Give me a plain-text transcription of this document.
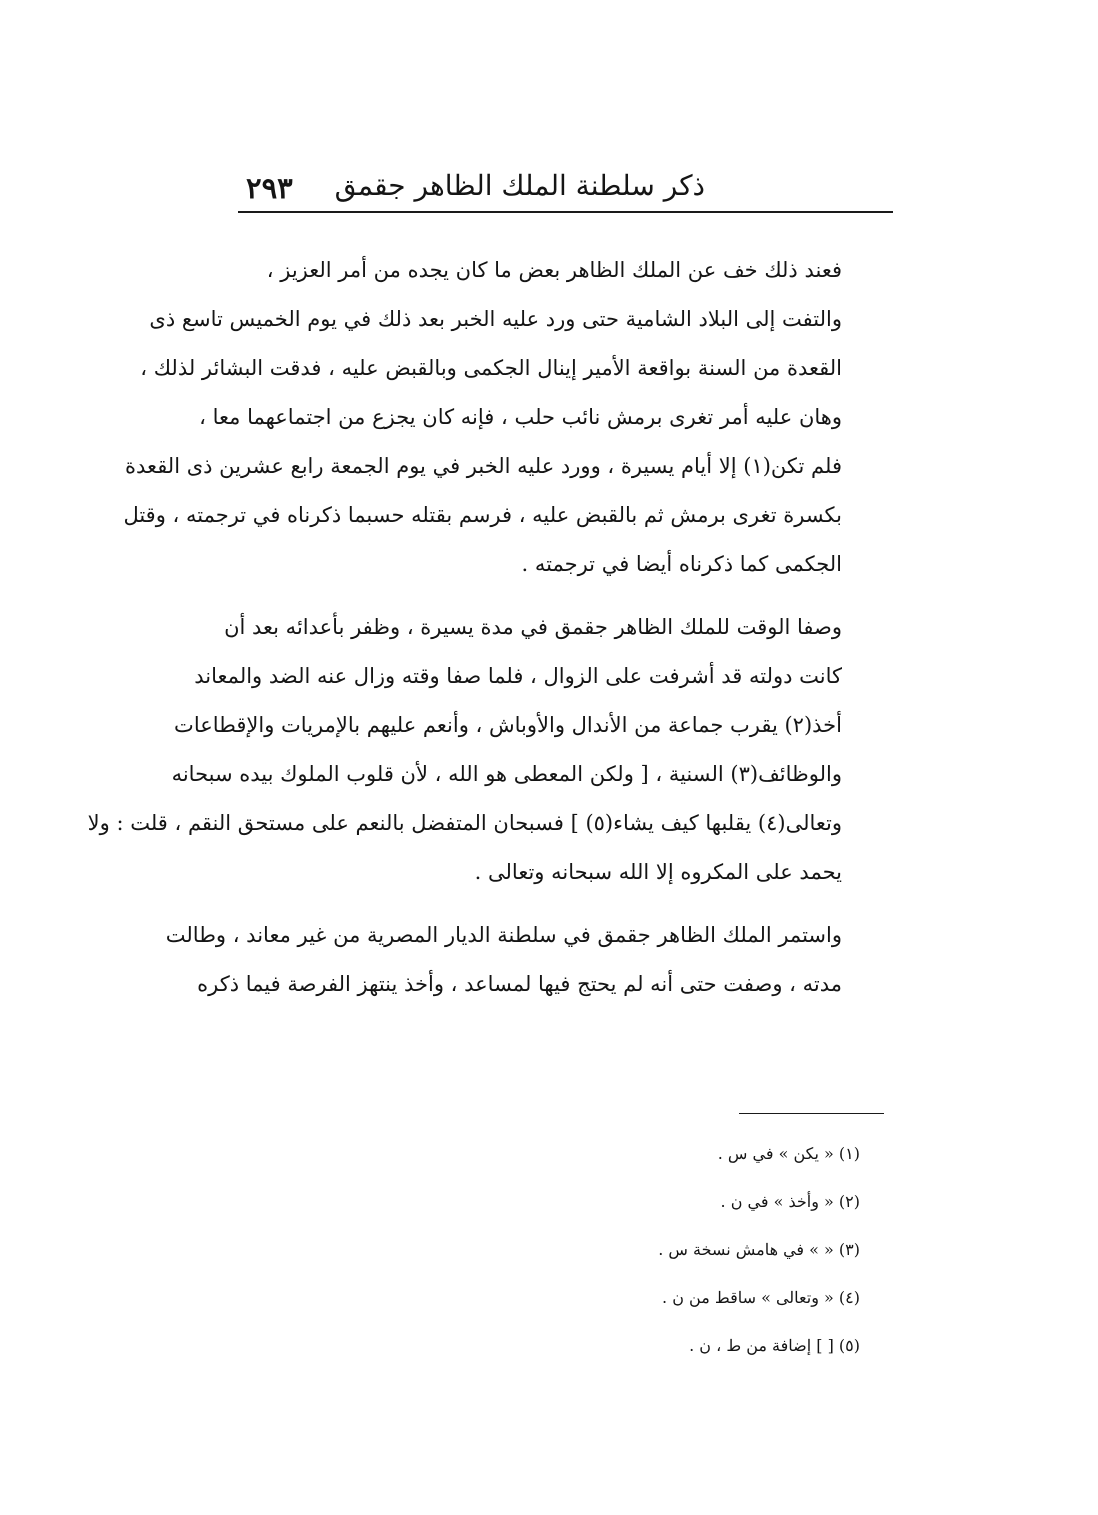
٢٩٣ ذكر سلطنة الملك الظاهر جقمق

فعند ذلك خف عن الملك الظاهر بعض ما كان يجده من أمر العزيز ،
والتفت إلى البلاد الشامية حتى ورد عليه الخبر بعد ذلك في يوم الخميس تاسع ذى
القعدة من السنة بواقعة الأمير إينال الجكمى وبالقبض عليه ، فدقت البشائر لذلك ،
وهان عليه أمر تغرى برمش نائب حلب ، فإنه كان يجزع من اجتماعهما معا ،
فلم تكن(١) إلا أيام يسيرة ، وورد عليه الخبر في يوم الجمعة رابع عشرين ذى القعدة
بكسرة تغرى برمش ثم بالقبض عليه ، فرسم بقتله حسبما ذكرناه في ترجمته ، وقتل
الجكمى كما ذكرناه أيضا في ترجمته .

وصفا الوقت للملك الظاهر جقمق في مدة يسيرة ، وظفر بأعدائه بعد أن
كانت دولته قد أشرفت على الزوال ، فلما صفا وقته وزال عنه الضد والمعاند
أخذ(٢) يقرب جماعة من الأندال والأوباش ، وأنعم عليهم بالإمريات والإقطاعات
والوظائف(٣) السنية ، [ ولكن المعطى هو الله ، لأن قلوب الملوك بيده سبحانه
وتعالى(٤) يقلبها كيف يشاء(٥) ] فسبحان المتفضل بالنعم على مستحق النقم ، قلت : ولا
يحمد على المكروه إلا الله سبحانه وتعالى .

واستمر الملك الظاهر جقمق في سلطنة الديار المصرية من غير معاند ، وطالت
مدته ، وصفت حتى أنه لم يحتج فيها لمساعد ، وأخذ ينتهز الفرصة فيما ذكره

(١) « يكن » في س .
(٢) « وأخذ » في ن .
(٣) « » في هامش نسخة س .
(٤) « وتعالى » ساقط من ن .
(٥) [ ] إضافة من ط ، ن .
